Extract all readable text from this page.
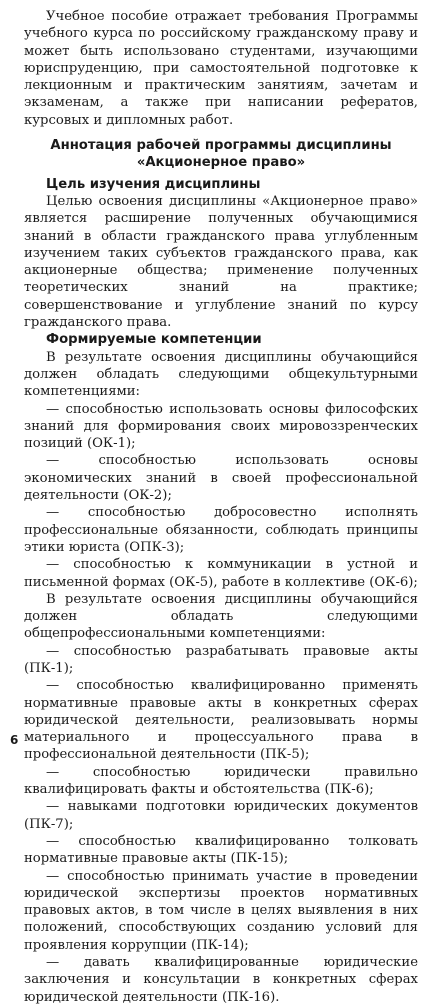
Учебное пособие отражает требования Программы учебного курса по российскому гражданскому праву и может быть использовано студентами, изучающими юриспруденцию, при самостоятельной подготовке к лекционным и практическим занятиям, зачетам и экзаменам, а также при написании рефератов, курсовых и дипломных работ.

Аннотация рабочей программы дисциплины
«Акционерное право»
Цель изучения дисциплины

Целью освоения дисциплины «Акционерное право» является расширение полученных обучающимися знаний в области гражданского права углубленным изучением таких субъектов гражданского права, как акционерные общества; применение полученных теоретических знаний на практике; совершенствование и углубление знаний по курсу гражданского права.

Формируемые компетенции

В результате освоения дисциплины обучающийся должен обладать следующими общекультурными компетенциями:

— способностью использовать основы философских знаний для формирования своих мировоззренческих позиций (ОК-1);

— способностью использовать основы экономических знаний в своей профессиональной деятельности (ОК-2);

— способностью добросовестно исполнять профессиональные обязанности, соблюдать принципы этики юриста (ОПК-3);

— способностью к коммуникации в устной и письменной формах (ОК-5), работе в коллективе (ОК-6);

В результате освоения дисциплины обучающийся должен обладать следующими общепрофессиональными компетенциями:

— способностью разрабатывать правовые акты (ПК-1);

— способностью квалифицированно применять нормативные правовые акты в конкретных сферах юридической деятельности, реализовывать нормы материального и процессуального права в профессиональной деятельности (ПК-5);

— способностью юридически правильно квалифицировать факты и обстоятельства (ПК-6);

— навыками подготовки юридических документов (ПК-7);

— способностью квалифицированно толковать нормативные правовые акты (ПК-15);

— способностью принимать участие в проведении юридической экспертизы проектов нормативных правовых актов, в том числе в целях выявления в них положений, способствующих созданию условий для проявления коррупции (ПК-14);

— давать квалифицированные юридические заключения и консультации в конкретных сферах юридической деятельности (ПК-16).

6
